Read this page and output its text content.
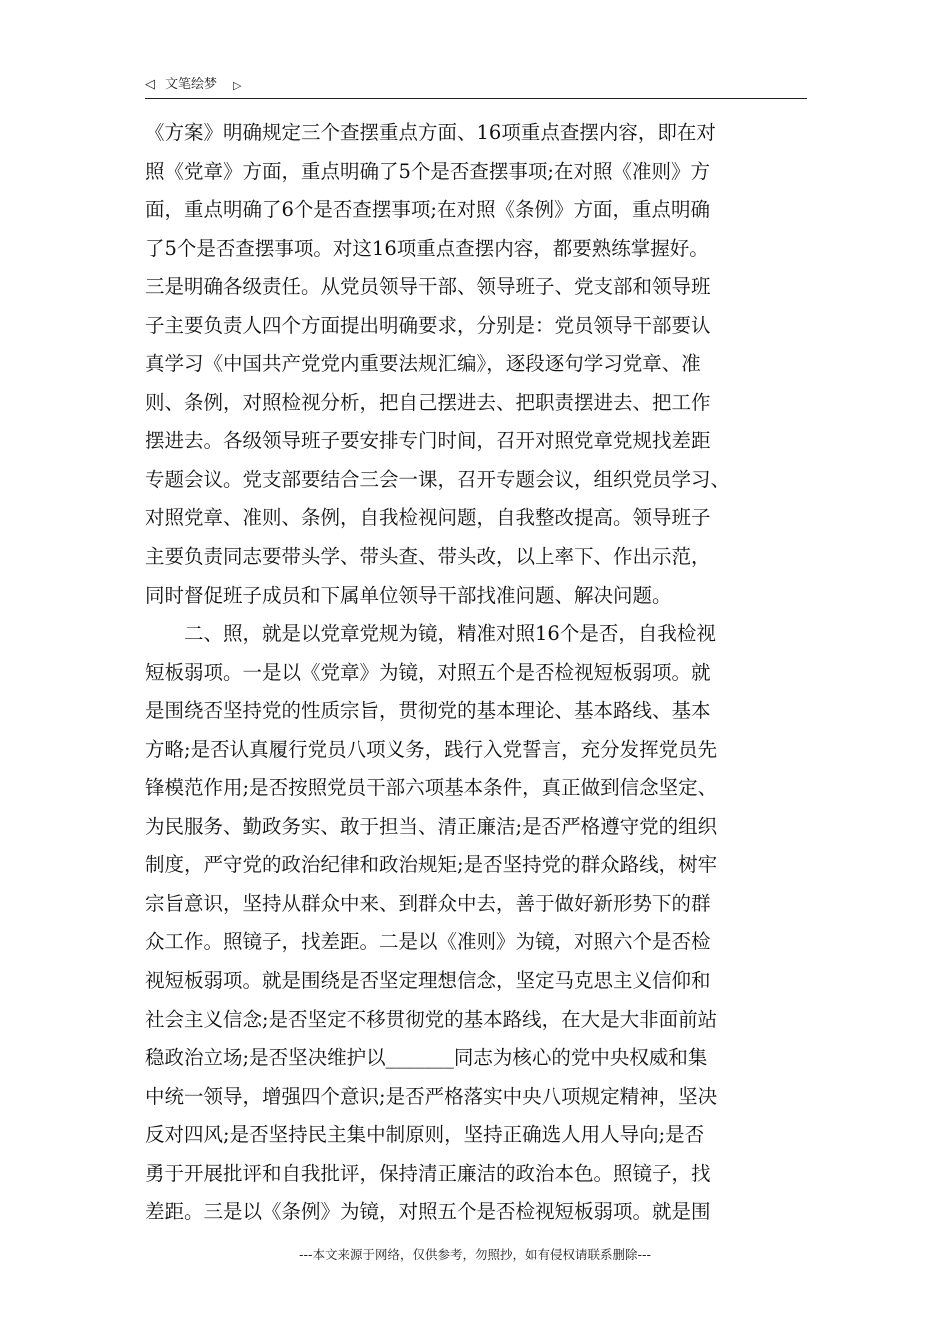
◁ 文笔绘梦 ▷
《方案》明确规定三个查摆重点方面、16项重点查摆内容，即在对
照《党章》方面，重点明确了5个是否查摆事项;在对照《准则》方
面，重点明确了6个是否查摆事项;在对照《条例》方面，重点明确
了5个是否查摆事项。对这16项重点查摆内容，都要熟练掌握好。
三是明确各级责任。从党员领导干部、领导班子、党支部和领导班
子主要负责人四个方面提出明确要求，分别是：党员领导干部要认
真学习《中国共产党党内重要法规汇编》，逐段逐句学习党章、准
则、条例，对照检视分析，把自己摆进去、把职责摆进去、把工作
摆进去。各级领导班子要安排专门时间，召开对照党章党规找差距
专题会议。党支部要结合三会一课，召开专题会议，组织党员学习、
对照党章、准则、条例，自我检视问题，自我整改提高。领导班子
主要负责同志要带头学、带头查、带头改，以上率下、作出示范，
同时督促班子成员和下属单位领导干部找准问题、解决问题。
　　二、照，就是以党章党规为镜，精准对照16个是否，自我检视
短板弱项。一是以《党章》为镜，对照五个是否检视短板弱项。就
是围绕否坚持党的性质宗旨，贯彻党的基本理论、基本路线、基本
方略;是否认真履行党员八项义务，践行入党誓言，充分发挥党员先
锋模范作用;是否按照党员干部六项基本条件，真正做到信念坚定、
为民服务、勤政务实、敢于担当、清正廉洁;是否严格遵守党的组织
制度，严守党的政治纪律和政治规矩;是否坚持党的群众路线，树牢
宗旨意识，坚持从群众中来、到群众中去，善于做好新形势下的群
众工作。照镜子，找差距。二是以《准则》为镜，对照六个是否检
视短板弱项。就是围绕是否坚定理想信念，坚定马克思主义信仰和
社会主义信念;是否坚定不移贯彻党的基本路线，在大是大非面前站
稳政治立场;是否坚决维护以_______同志为核心的党中央权威和集
中统一领导，增强四个意识;是否严格落实中央八项规定精神，坚决
反对四风;是否坚持民主集中制原则，坚持正确选人用人导向;是否
勇于开展批评和自我批评，保持清正廉洁的政治本色。照镜子，找
差距。三是以《条例》为镜，对照五个是否检视短板弱项。就是围
---本文来源于网络，仅供参考，勿照抄，如有侵权请联系删除---
